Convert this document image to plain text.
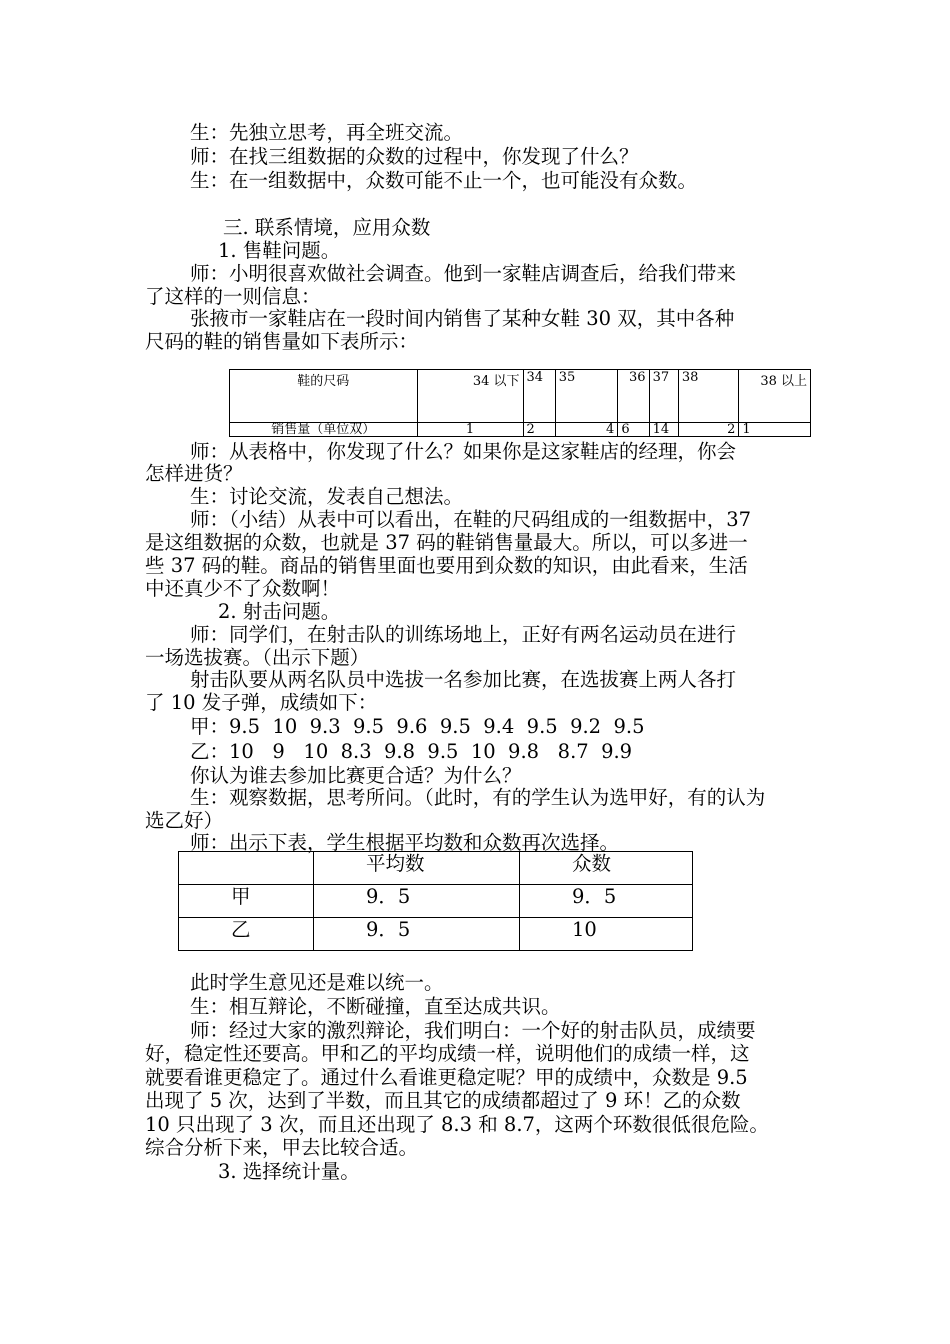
生：先独立思考，再全班交流。
师：在找三组数据的众数的过程中，你发现了什么？
生：在一组数据中，众数可能不止一个，也可能没有众数。
三. 联系情境，应用众数
1. 售鞋问题。
师：小明很喜欢做社会调查。他到一家鞋店调查后，给我们带来
了这样的一则信息：
张掖市一家鞋店在一段时间内销售了某种女鞋 30 双，其中各种
尺码的鞋的销售量如下表所示：
鞋的尺码	34 以下	34	35	36	37	38	38 以上
销售量（单位双）	1	2	4	6	14	2	1
师：从表格中，你发现了什么？如果你是这家鞋店的经理，你会
怎样进货？
生：讨论交流，发表自己想法。
师：（小结）从表中可以看出，在鞋的尺码组成的一组数据中，37
是这组数据的众数，也就是 37 码的鞋销售量最大。所以，可以多进一
些 37 码的鞋。商品的销售里面也要用到众数的知识，由此看来，生活
中还真少不了众数啊！
2. 射击问题。
师：同学们，在射击队的训练场地上，正好有两名运动员在进行
一场选拔赛。（出示下题）
射击队要从两名队员中选拔一名参加比赛，在选拔赛上两人各打
了 10 发子弹，成绩如下：
甲：9.5  10  9.3  9.5  9.6  9.5  9.4  9.5  9.2  9.5
乙：10   9   10  8.3  9.8  9.5  10  9.8   8.7  9.9
你认为谁去参加比赛更合适？为什么？
生：观察数据，思考所问。（此时，有的学生认为选甲好，有的认为
选乙好）
师：出示下表，学生根据平均数和众数再次选择。
	平均数	众数
甲	9．5	9．5
乙	9．5	10
此时学生意见还是难以统一。
生：相互辩论，不断碰撞，直至达成共识。
师：经过大家的激烈辩论，我们明白：一个好的射击队员，成绩要
好，稳定性还要高。甲和乙的平均成绩一样，说明他们的成绩一样，这
就要看谁更稳定了。通过什么看谁更稳定呢？甲的成绩中，众数是 9.5
出现了 5 次，达到了半数，而且其它的成绩都超过了 9 环！乙的众数
10 只出现了 3 次，而且还出现了 8.3 和 8.7，这两个环数很低很危险。
综合分析下来，甲去比较合适。
3. 选择统计量。
